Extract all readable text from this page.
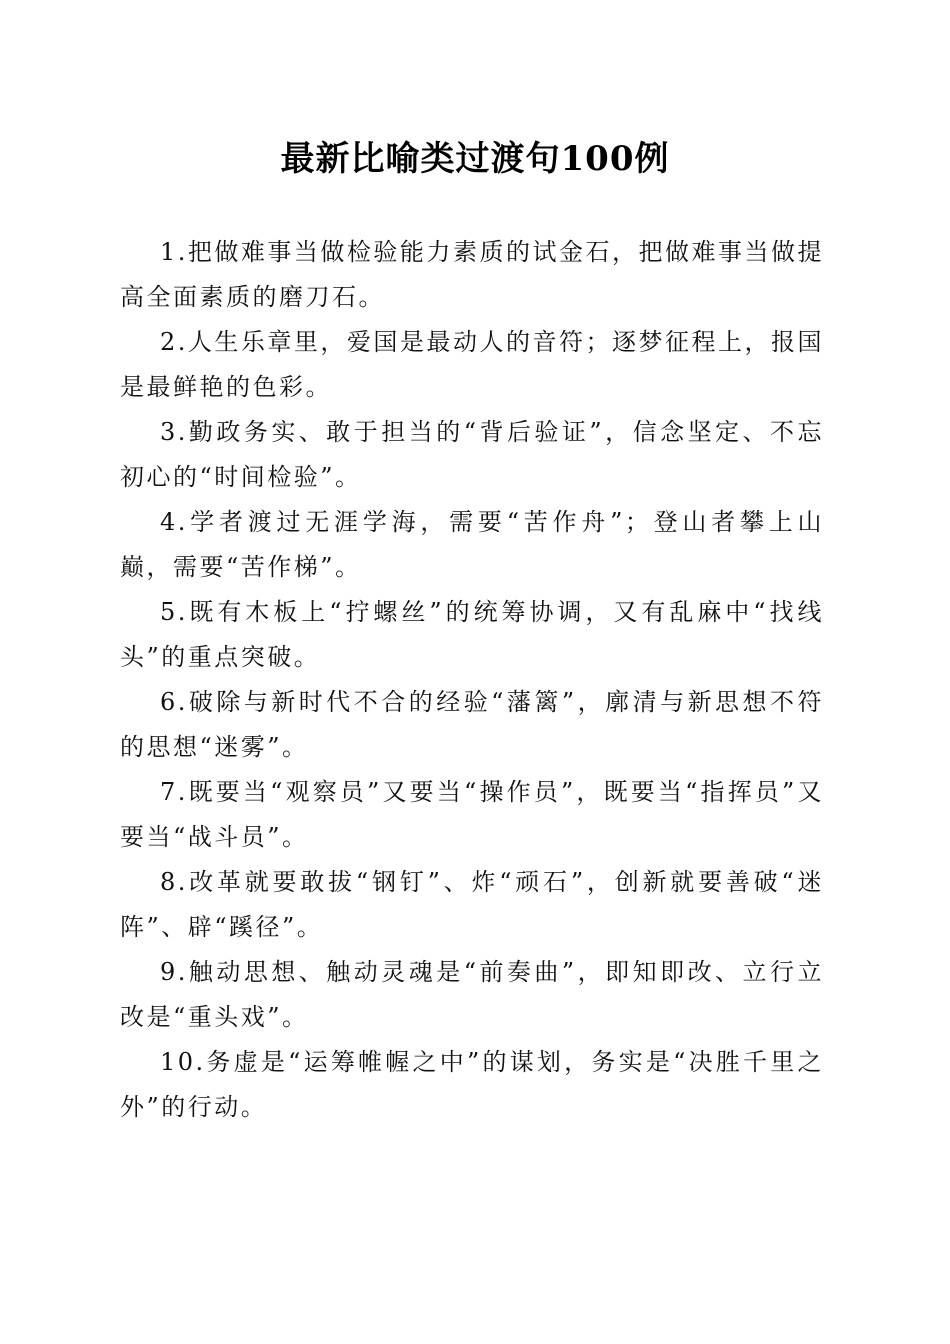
最新比喻类过渡句100例

1.把做难事当做检验能力素质的试金石，把做难事当做提高全面素质的磨刀石。

2.人生乐章里，爱国是最动人的音符；逐梦征程上，报国是最鲜艳的色彩。

3.勤政务实、敢于担当的“背后验证”，信念坚定、不忘初心的“时间检验”。

4.学者渡过无涯学海，需要“苦作舟”；登山者攀上山巅，需要“苦作梯”。

5.既有木板上“拧螺丝”的统筹协调，又有乱麻中“找线头”的重点突破。

6.破除与新时代不合的经验“藩篱”，廓清与新思想不符的思想“迷雾”。

7.既要当“观察员”又要当“操作员”，既要当“指挥员”又要当“战斗员”。

8.改革就要敢拔“钢钉”、炸“顽石”，创新就要善破“迷阵”、辟“蹊径”。

9.触动思想、触动灵魂是“前奏曲”，即知即改、立行立改是“重头戏”。

10.务虚是“运筹帷幄之中”的谋划，务实是“决胜千里之外”的行动。
